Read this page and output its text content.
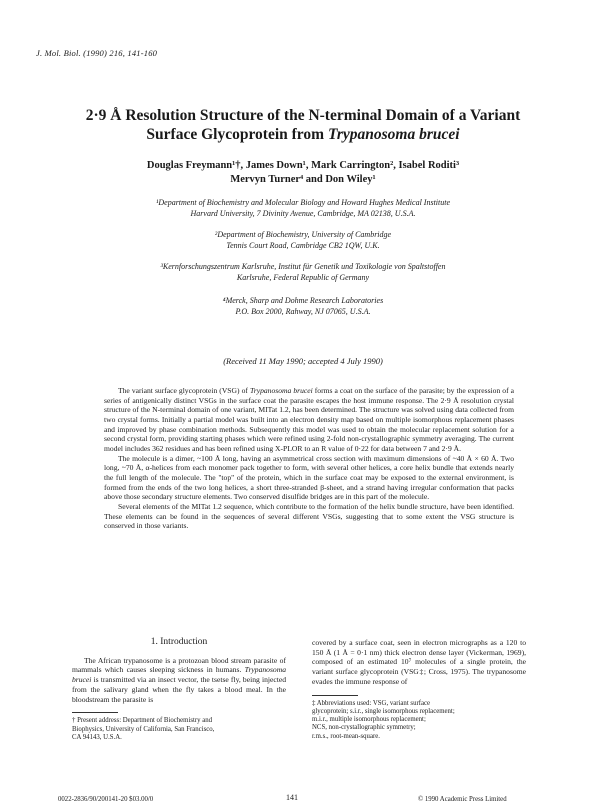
J. Mol. Biol. (1990) 216, 141-160
2·9 Å Resolution Structure of the N-terminal Domain of a Variant Surface Glycoprotein from Trypanosoma brucei
Douglas Freymann¹†, James Down¹, Mark Carrington², Isabel Roditi³
Mervyn Turner⁴ and Don Wiley¹
¹Department of Biochemistry and Molecular Biology and Howard Hughes Medical Institute
Harvard University, 7 Divinity Avenue, Cambridge, MA 02138, U.S.A.
²Department of Biochemistry, University of Cambridge
Tennis Court Road, Cambridge CB2 1QW, U.K.
³Kernforschungszentrum Karlsruhe, Institut für Genetik und Toxikologie von Spaltstoffen
Karlsruhe, Federal Republic of Germany
⁴Merck, Sharp and Dohme Research Laboratories
P.O. Box 2000, Rahway, NJ 07065, U.S.A.
(Received 11 May 1990; accepted 4 July 1990)

The variant surface glycoprotein (VSG) of Trypanosoma brucei forms a coat on the surface of the parasite; by the expression of a series of antigenically distinct VSGs in the surface coat the parasite escapes the host immune response. The 2·9 Å resolution crystal structure of the N-terminal domain of one variant, MITat 1.2, has been determined. The structure was solved using data collected from two crystal forms. Initially a partial model was built into an electron density map based on multiple isomorphous replacement phases and improved by phase combination methods. Subsequently this model was used to obtain the molecular replacement solution for a second crystal form, providing starting phases which were refined using 2-fold non-crystallographic symmetry averaging. The current model includes 362 residues and has been refined using X-PLOR to an R value of 0·22 for data between 7 and 2·9 Å.

The molecule is a dimer, ~100 Å long, having an asymmetrical cross section with maximum dimensions of ~40 Å × 60 Å. Two long, ~70 Å, α-helices from each monomer pack together to form, with several other helices, a core helix bundle that extends nearly the full length of the molecule. The "top" of the protein, which in the surface coat may be exposed to the external environment, is formed from the ends of the two long helices, a short three-stranded β-sheet, and a strand having irregular conformation that packs above those secondary structure elements. Two conserved disulfide bridges are in this part of the molecule.

Several elements of the MITat 1.2 sequence, which contribute to the formation of the helix bundle structure, have been identified. These elements can be found in the sequences of several different VSGs, suggesting that to some extent the VSG structure is conserved in those variants.

1. Introduction

The African trypanosome is a protozoan blood stream parasite of mammals which causes sleeping sickness in humans. Trypanosoma brucei is transmitted via an insect vector, the tsetse fly, being injected from the salivary gland when the fly takes a blood meal. In the bloodstream the parasite is

† Present address: Department of Biochemistry and
Biophysics, University of California, San Francisco,
CA 94143, U.S.A.

covered by a surface coat, seen in electron micrographs as a 120 to 150 Å (1 Å = 0·1 nm) thick electron dense layer (Vickerman, 1969), composed of an estimated 10⁷ molecules of a single protein, the variant surface glycoprotein (VSG‡; Cross, 1975). The trypanosome evades the immune response of

‡ Abbreviations used: VSG, variant surface
glycoprotein; s.i.r., single isomorphous replacement;
m.i.r., multiple isomorphous replacement;
NCS, non-crystallographic symmetry;
r.m.s., root-mean-square.
0022-2836/90/200141-20 $03.00/0	141	© 1990 Academic Press Limited
